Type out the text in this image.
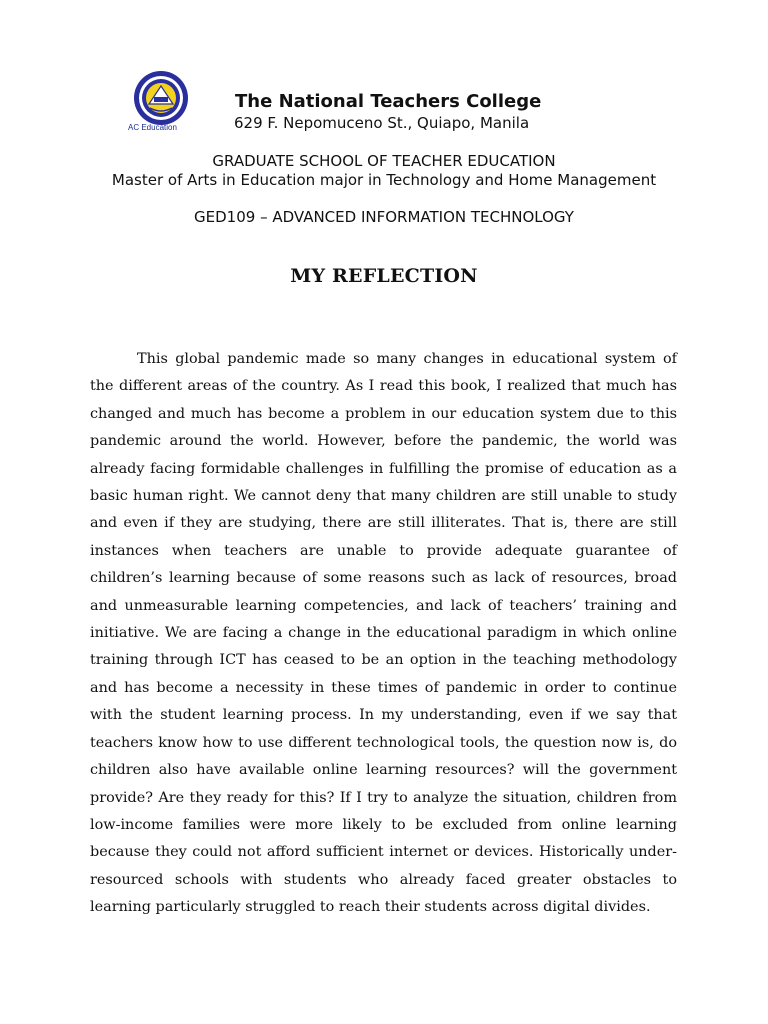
AC Education
The National Teachers College
629 F. Nepomuceno St., Quiapo, Manila
GRADUATE SCHOOL OF TEACHER EDUCATION
Master of Arts in Education major in Technology and Home Management
GED109 – ADVANCED INFORMATION TECHNOLOGY
MY REFLECTION

This global pandemic made so many changes in educational system of the different areas of the country. As I read this book, I realized that much has changed and much has become a problem in our education system due to this pandemic around the world. However, before the pandemic, the world was already facing formidable challenges in fulfilling the promise of education as a basic human right. We cannot deny that many children are still unable to study and even if they are studying, there are still illiterates. That is, there are still instances when teachers are unable to provide adequate guarantee of children’s learning because of some reasons such as lack of resources, broad and unmeasurable learning competencies, and lack of teachers’ training and initiative. We are facing a change in the educational paradigm in which online training through ICT has ceased to be an option in the teaching methodology and has become a necessity in these times of pandemic in order to continue with the student learning process. In my understanding, even if we say that teachers know how to use different technological tools, the question now is, do children also have available online learning resources? will the government provide? Are they ready for this? If I try to analyze the situation, children from low-income families were more likely to be excluded from online learning because they could not afford sufficient internet or devices. Historically under-resourced schools with students who already faced greater obstacles to learning particularly struggled to reach their students across digital divides.
